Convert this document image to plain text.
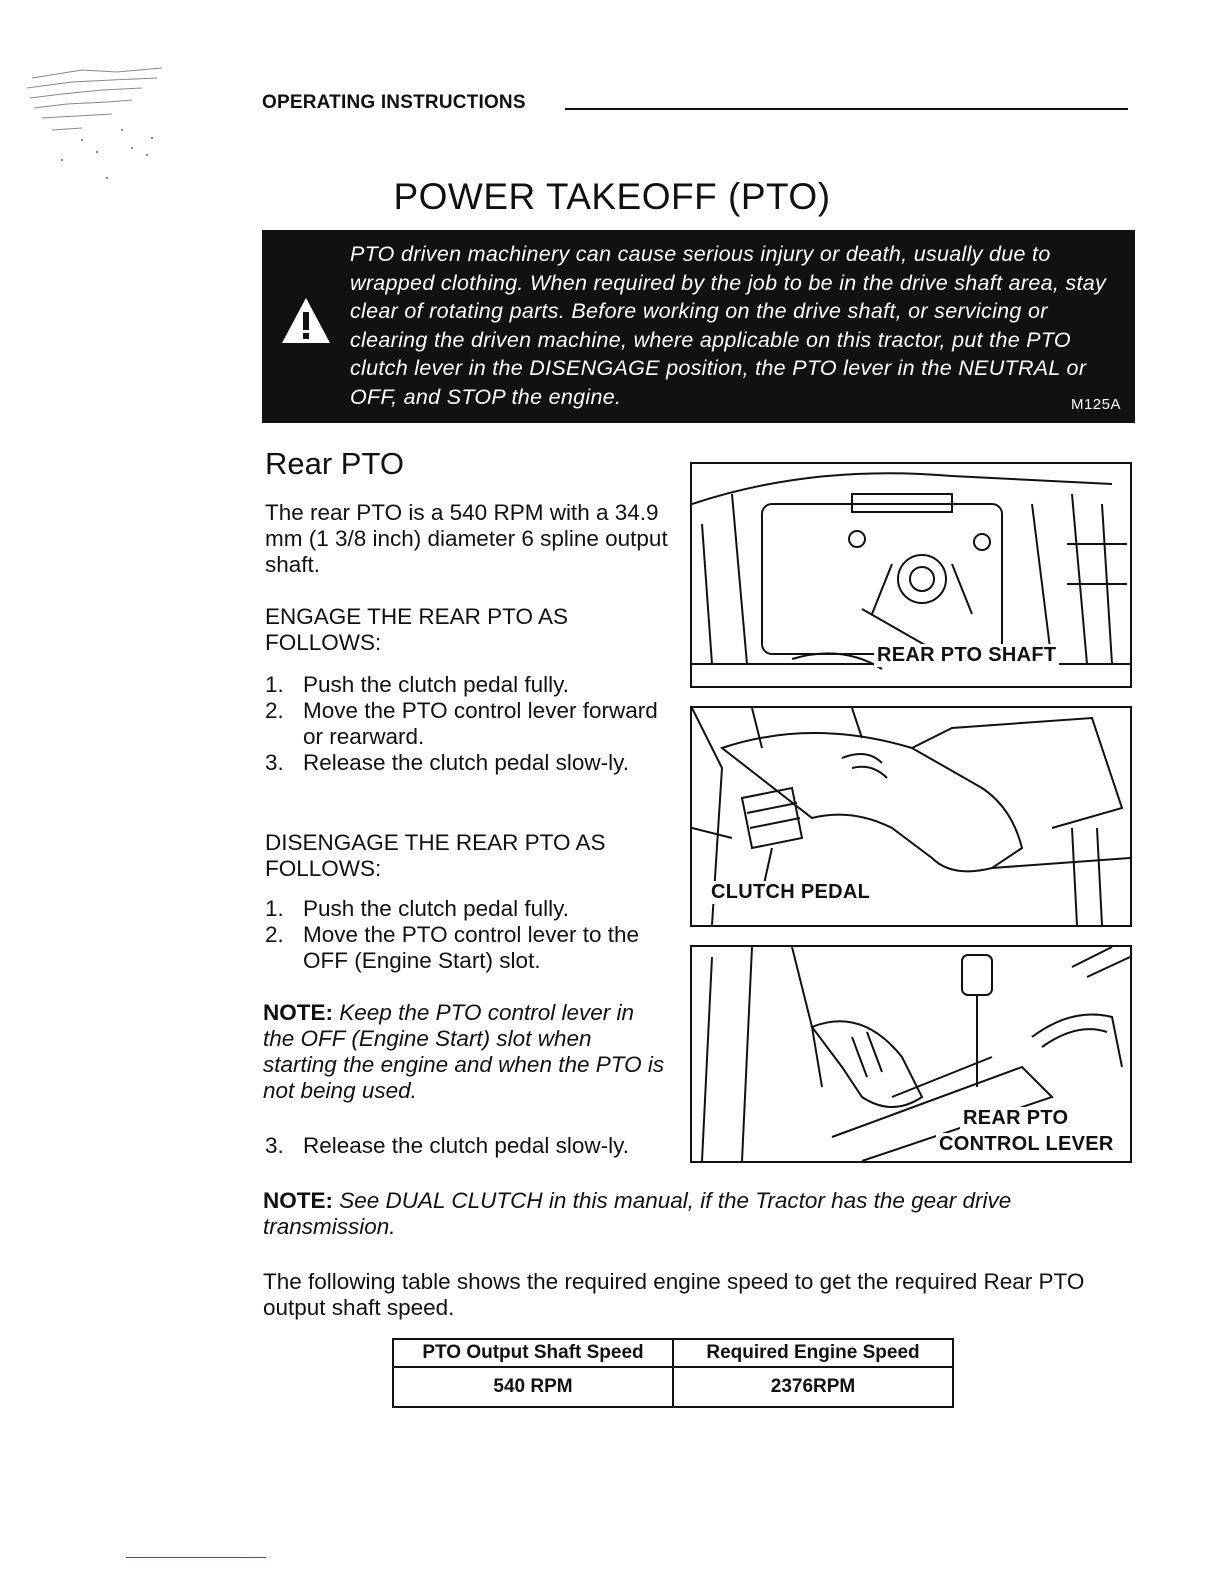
OPERATING INSTRUCTIONS
POWER TAKEOFF (PTO)
PTO driven machinery can cause serious injury or death, usually due to wrapped clothing. When required by the job to be in the drive shaft area, stay clear of rotating parts. Before working on the drive shaft, or servicing or clearing the driven machine, where applicable on this tractor, put the PTO clutch lever in the DISENGAGE position, the PTO lever in the NEUTRAL or OFF, and STOP the engine.	M125A
Rear PTO
The rear PTO is a 540 RPM with a 34.9 mm (1 3/8 inch) diameter 6 spline output shaft.
ENGAGE THE REAR PTO AS FOLLOWS:
1. Push the clutch pedal fully.
2. Move the PTO control lever forward or rearward.
3. Release the clutch pedal slow-ly.
DISENGAGE THE REAR PTO AS FOLLOWS:
1. Push the clutch pedal fully.
2. Move the PTO control lever to the OFF (Engine Start) slot.
NOTE: Keep the PTO control lever in the OFF (Engine Start) slot when starting the engine and when the PTO is not being used.
3. Release the clutch pedal slow-ly.
NOTE: See DUAL CLUTCH in this manual, if the Tractor has the gear drive transmission.
The following table shows the required engine speed to get the required Rear PTO output shaft speed.
REAR PTO SHAFT
CLUTCH PEDAL
REAR PTO
CONTROL LEVER
PTO Output Shaft Speed	Required Engine Speed
540 RPM	2376RPM
